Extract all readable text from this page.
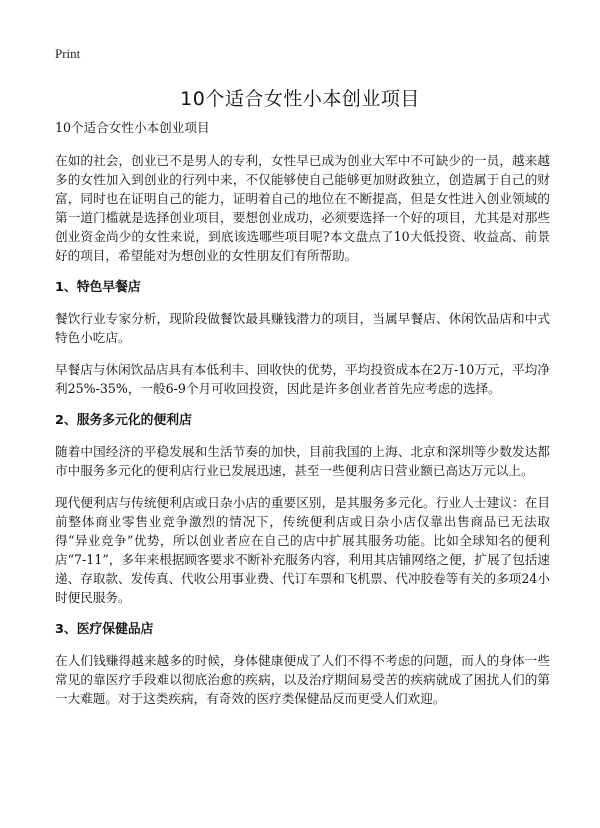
Print
10个适合女性小本创业项目

10个适合女性小本创业项目

在如的社会，创业已不是男人的专利，女性早已成为创业大军中不可缺少的一员，越来越多的女性加入到创业的行列中来，不仅能够使自己能够更加财政独立，创造属于自己的财富，同时也在证明自己的能力，证明着自己的地位在不断提高，但是女性进入创业领域的第一道门槛就是选择创业项目，要想创业成功，必须要选择一个好的项目，尤其是对那些创业资金尚少的女性来说，到底该选哪些项目呢?本文盘点了10大低投资、收益高、前景好的项目，希望能对为想创业的女性朋友们有所帮助。

1、特色早餐店

餐饮行业专家分析，现阶段做餐饮最具赚钱潜力的项目，当属早餐店、休闲饮品店和中式特色小吃店。

早餐店与休闲饮品店具有本低利丰、回收快的优势，平均投资成本在2万-10万元，平均净利25%-35%，一般6-9个月可收回投资，因此是许多创业者首先应考虑的选择。

2、服务多元化的便利店

随着中国经济的平稳发展和生活节奏的加快，目前我国的上海、北京和深圳等少数发达都市中服务多元化的便利店行业已发展迅速，甚至一些便利店日营业额已高达万元以上。

现代便利店与传统便利店或日杂小店的重要区别，是其服务多元化。行业人士建议：在目前整体商业零售业竞争激烈的情况下，传统便利店或日杂小店仅靠出售商品已无法取得“异业竞争”优势，所以创业者应在自己的店中扩展其服务功能。比如全球知名的便利店“7-11”，多年来根据顾客要求不断补充服务内容，利用其店铺网络之便，扩展了包括速递、存取款、发传真、代收公用事业费、代订车票和飞机票、代冲胶卷等有关的多项24小时便民服务。

3、医疗保健品店

在人们钱赚得越来越多的时候，身体健康便成了人们不得不考虑的问题，而人的身体一些常见的靠医疗手段难以彻底治愈的疾病，以及治疗期间易受苦的疾病就成了困扰人们的第一大难题。对于这类疾病，有奇效的医疗类保健品反而更受人们欢迎。
